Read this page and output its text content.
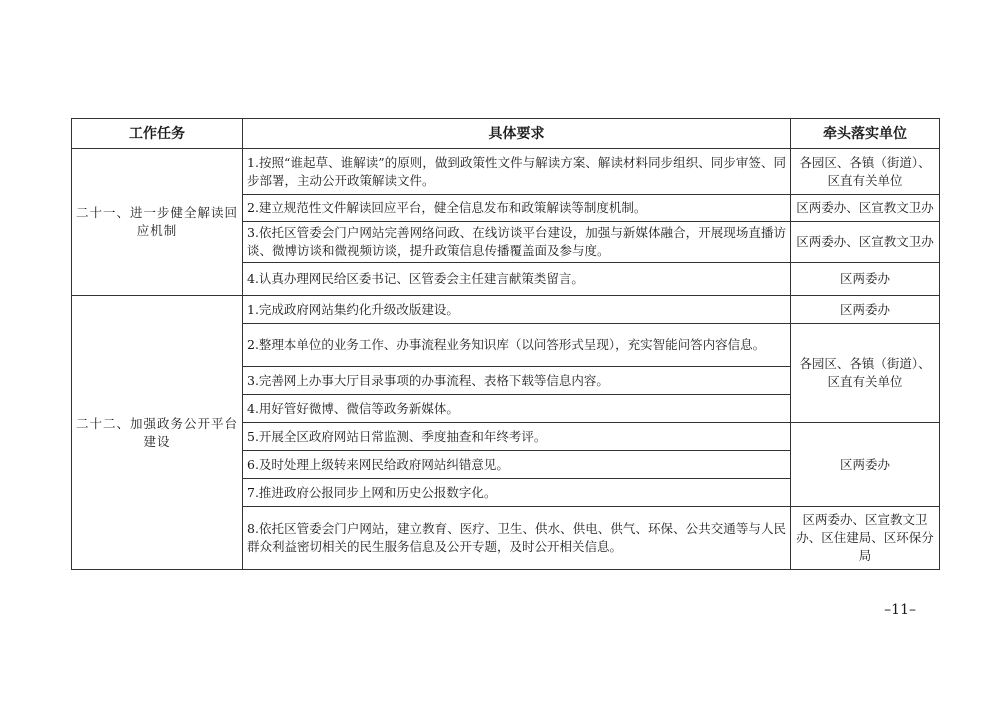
工作任务	具体要求	牵头落实单位
二十一、进一步健全解读回应机制	1.按照“谁起草、谁解读”的原则，做到政策性文件与解读方案、解读材料同步组织、同步审签、同步部署，主动公开政策解读文件。	各园区、各镇（街道）、区直有关单位
	2.建立规范性文件解读回应平台，健全信息发布和政策解读等制度机制。	区两委办、区宣教文卫办
	3.依托区管委会门户网站完善网络问政、在线访谈平台建设，加强与新媒体融合，开展现场直播访谈、微博访谈和微视频访谈，提升政策信息传播覆盖面及参与度。	区两委办、区宣教文卫办
	4.认真办理网民给区委书记、区管委会主任建言献策类留言。	区两委办
二十二、加强政务公开平台建设	1.完成政府网站集约化升级改版建设。	区两委办
	2.整理本单位的业务工作、办事流程业务知识库（以问答形式呈现），充实智能问答内容信息。	各园区、各镇（街道）、区直有关单位
	3.完善网上办事大厅目录事项的办事流程、表格下载等信息内容。	
	4.用好管好微博、微信等政务新媒体。	
	5.开展全区政府网站日常监测、季度抽查和年终考评。	区两委办
	6.及时处理上级转来网民给政府网站纠错意见。	
	7.推进政府公报同步上网和历史公报数字化。	
	8.依托区管委会门户网站，建立教育、医疗、卫生、供水、供电、供气、环保、公共交通等与人民群众利益密切相关的民生服务信息及公开专题，及时公开相关信息。	区两委办、区宣教文卫办、区住建局、区环保分局
–11–
